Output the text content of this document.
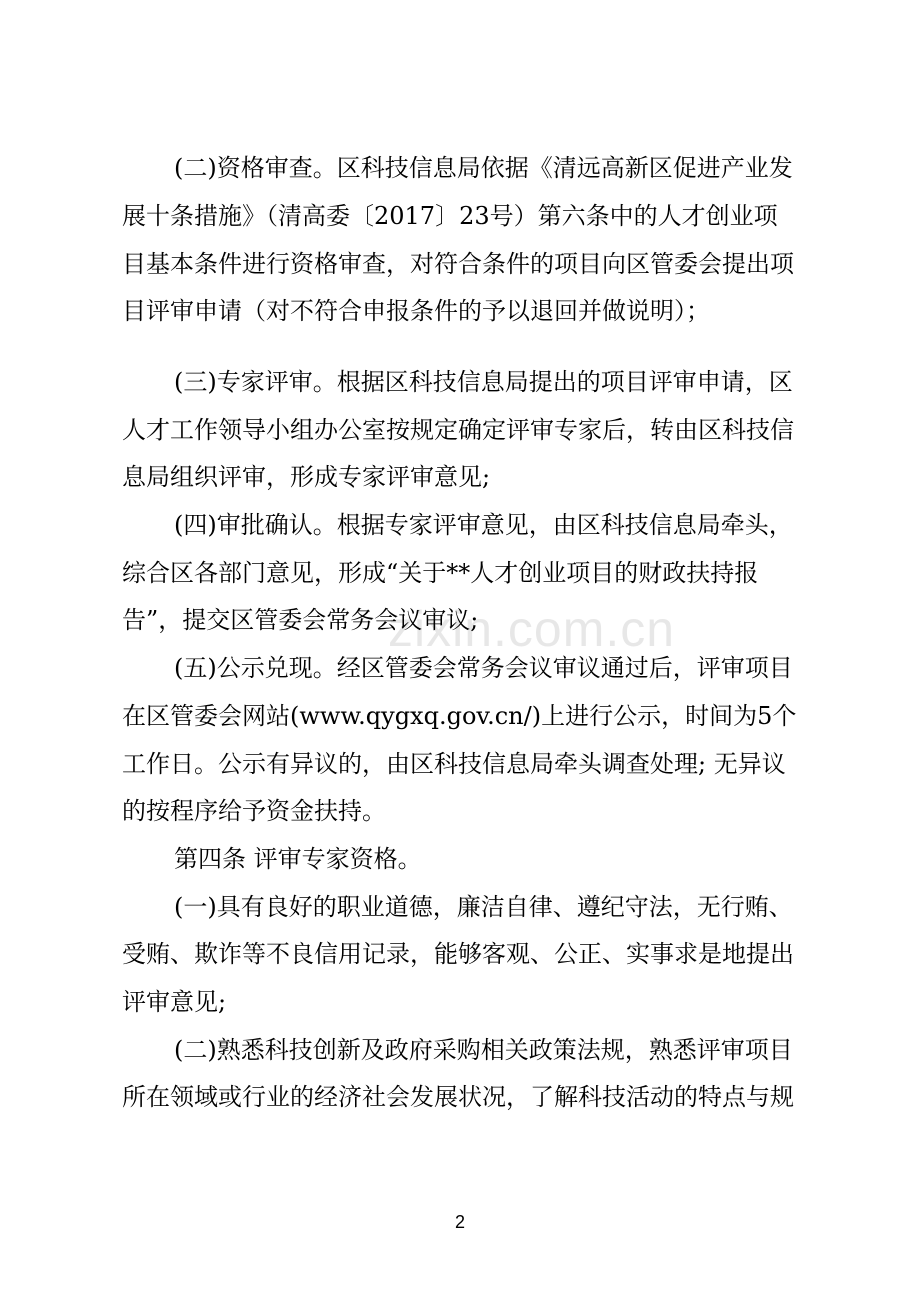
(二)资格审查。区科技信息局依据《清远高新区促进产业发
展十条措施》（清高委〔2017〕23号）第六条中的人才创业项
目基本条件进行资格审查，对符合条件的项目向区管委会提出项
目评审申请（对不符合申报条件的予以退回并做说明）；
(三)专家评审。根据区科技信息局提出的项目评审申请，区
人才工作领导小组办公室按规定确定评审专家后，转由区科技信
息局组织评审，形成专家评审意见;
(四)审批确认。根据专家评审意见，由区科技信息局牵头，
综合区各部门意见，形成“关于**人才创业项目的财政扶持报
告”，提交区管委会常务会议审议;
(五)公示兑现。经区管委会常务会议审议通过后，评审项目
在区管委会网站(www.qygxq.gov.cn/)上进行公示，时间为5个
工作日。公示有异议的，由区科技信息局牵头调查处理; 无异议
的按程序给予资金扶持。
第四条 评审专家资格。
(一)具有良好的职业道德，廉洁自律、遵纪守法，无行贿、
受贿、欺诈等不良信用记录，能够客观、公正、实事求是地提出
评审意见;
(二)熟悉科技创新及政府采购相关政策法规，熟悉评审项目
所在领域或行业的经济社会发展状况，了解科技活动的特点与规
zixin.com.cn
2
